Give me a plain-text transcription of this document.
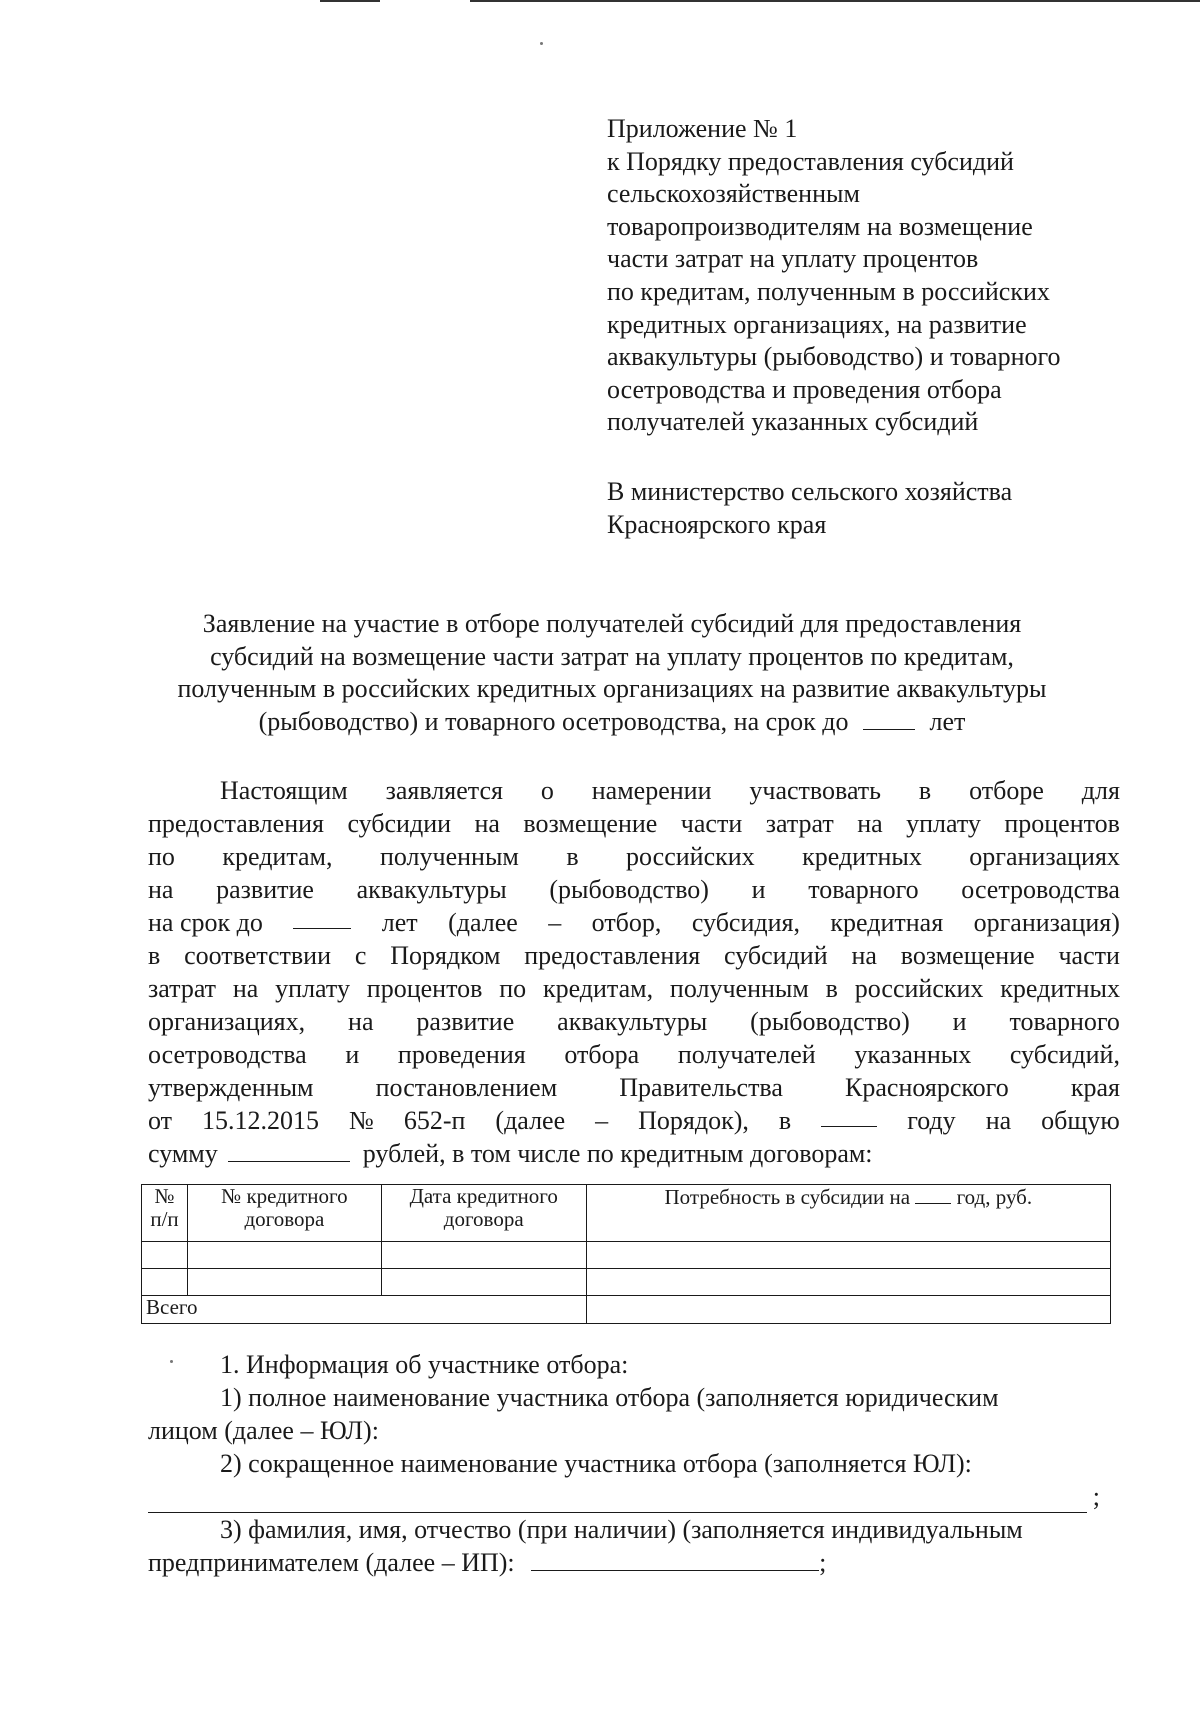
Приложение № 1
к Порядку предоставления субсидий
сельскохозяйственным
товаропроизводителям на возмещение
части затрат на уплату процентов
по кредитам, полученным в российских
кредитных организациях, на развитие
аквакультуры (рыбоводство) и товарного
осетроводства и проведения отбора
получателей указанных субсидий
В министерство сельского хозяйства
Красноярского края
Заявление на участие в отборе получателей субсидий для предоставления
субсидий на возмещение части затрат на уплату процентов по кредитам,
полученным в российских кредитных организациях на развитие аквакультуры
(рыбоводство) и товарного осетроводства, на срок до	лет
Настоящим заявляется о намерении участвовать в отборе для
предоставления субсидии на возмещение части затрат на уплату процентов
по кредитам, полученным в российских кредитных организациях
на развитие аквакультуры (рыбоводство) и товарного осетроводства
на срок до	лет (далее – отбор, субсидия, кредитная организация)
в соответствии с Порядком предоставления субсидий на возмещение части
затрат на уплату процентов по кредитам, полученным в российских кредитных
организациях, на развитие аквакультуры (рыбоводство) и товарного
осетроводства и проведения отбора получателей указанных субсидий,
утвержденным постановлением Правительства Красноярского края
от 15.12.2015 № 652-п (далее – Порядок), в	году на общую
сумму	рублей, в том числе по кредитным договорам:
№ п/п	№ кредитного договора	Дата кредитного договора	Потребность в субсидии на год, руб.

Всего			
1. Информация об участнике отбора:
1) полное наименование участника отбора (заполняется юридическим
лицом (далее – ЮЛ):
2) сокращенное наименование участника отбора (заполняется ЮЛ):
;
3) фамилия, имя, отчество (при наличии) (заполняется индивидуальным
предпринимателем (далее – ИП):	;
